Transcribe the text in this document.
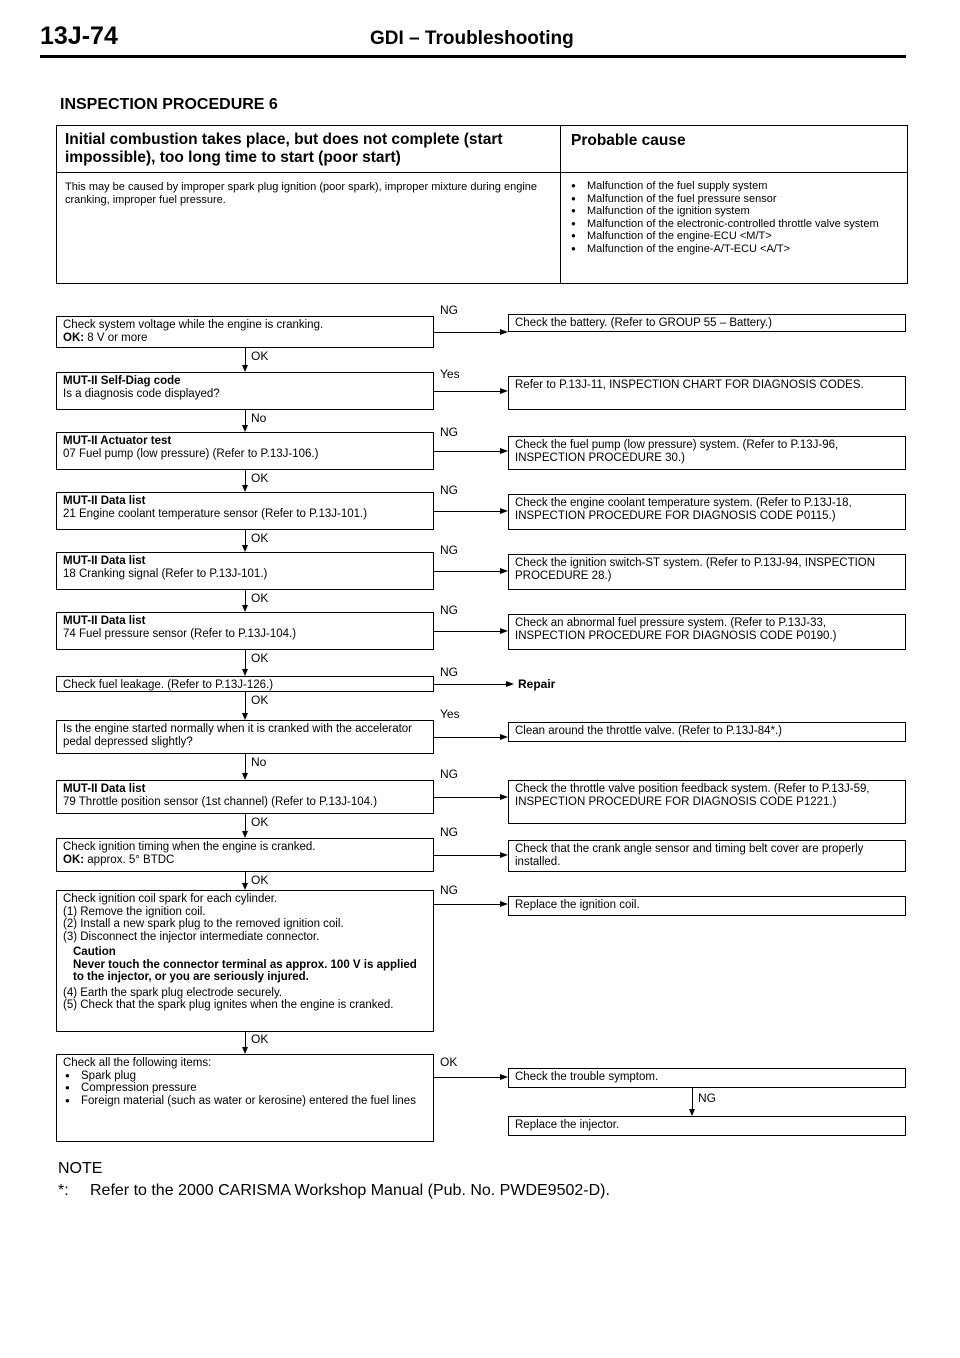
13J-74	GDI – Troubleshooting
INSPECTION PROCEDURE 6
Initial combustion takes place, but does not complete (start impossible), too long time to start (poor start)
Probable cause
This may be caused by improper spark plug ignition (poor spark), improper mixture during engine cranking, improper fuel pressure.
● Malfunction of the fuel supply system
● Malfunction of the fuel pressure sensor
● Malfunction of the ignition system
● Malfunction of the electronic-controlled throttle valve system
● Malfunction of the engine-ECU <M/T>
● Malfunction of the engine-A/T-ECU <A/T>
Check system voltage while the engine is cranking.
OK: 8 V or more
NG
Check the battery. (Refer to GROUP 55 – Battery.)
OK
MUT-II Self-Diag code
Is a diagnosis code displayed?
Yes
Refer to P.13J-11, INSPECTION CHART FOR DIAGNOSIS CODES.
No
MUT-II Actuator test
07 Fuel pump (low pressure) (Refer to P.13J-106.)
NG
Check the fuel pump (low pressure) system. (Refer to P.13J-96, INSPECTION PROCEDURE 30.)
OK
MUT-II Data list
21 Engine coolant temperature sensor (Refer to P.13J-101.)
NG
Check the engine coolant temperature system. (Refer to P.13J-18, INSPECTION PROCEDURE FOR DIAGNOSIS CODE P0115.)
OK
MUT-II Data list
18 Cranking signal (Refer to P.13J-101.)
NG
Check the ignition switch-ST system. (Refer to P.13J-94, INSPECTION PROCEDURE 28.)
OK
MUT-II Data list
74 Fuel pressure sensor (Refer to P.13J-104.)
NG
Check an abnormal fuel pressure system. (Refer to P.13J-33, INSPECTION PROCEDURE FOR DIAGNOSIS CODE P0190.)
OK
Check fuel leakage. (Refer to P.13J-126.)
NG
Repair
OK
Is the engine started normally when it is cranked with the accelerator pedal depressed slightly?
Yes
Clean around the throttle valve. (Refer to P.13J-84*.)
No
MUT-II Data list
79 Throttle position sensor (1st channel) (Refer to P.13J-104.)
NG
Check the throttle valve position feedback system. (Refer to P.13J-59, INSPECTION PROCEDURE FOR DIAGNOSIS CODE P1221.)
OK
Check ignition timing when the engine is cranked.
OK: approx. 5° BTDC
NG
Check that the crank angle sensor and timing belt cover are properly installed.
OK
Check ignition coil spark for each cylinder.
(1) Remove the ignition coil.
(2) Install a new spark plug to the removed ignition coil.
(3) Disconnect the injector intermediate connector.

Caution
Never touch the connector terminal as approx. 100 V is applied to the injector, or you are seriously injured.
(4) Earth the spark plug electrode securely.
(5) Check that the spark plug ignites when the engine is cranked.
NG
Replace the ignition coil.
OK
Check all the following items:
● Spark plug
● Compression pressure
● Foreign material (such as water or kerosine) entered the fuel lines
OK
Check the trouble symptom.
NG
Replace the injector.
NOTE
*: Refer to the 2000 CARISMA Workshop Manual (Pub. No. PWDE9502-D).
